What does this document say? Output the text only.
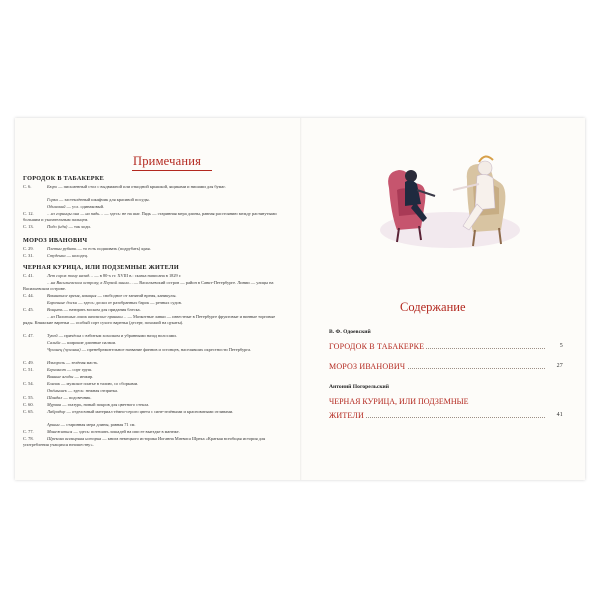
Примечания
ГОРОДОК В ТАБАКЕРКЕ
С. 6.	Бюро — письменный стол с выдвижной или откидной крышкой, ящиками и нишами для бумаг.
Горка — застеклённый шкафчик для красивой посуды.
Одинокий — усл. одинаковый.
С. 12.	…из горницы она — на пядь… — здесь: не на шаг. Пядь — старинная мера длины, равная расстоянию между растянутыми большим и указательным пальцем.
С. 13.	Подо (иди) — так ходи.
МОРОЗ ИВАНОВИЧ
С. 29.	Плетни рубить — то есть подшивать (подрубать) края.
С. 31.	Студенка — колодец.
ЧЕРНАЯ КУРИЦА, ИЛИ ПОДЗЕМНЫЕ ЖИТЕЛИ
С. 41.	Лет сорок тому назад… — в 80-х гг. XVIII в.: сказка написана в 1829 г.
…на Васильевском острову, в Первой линии… — Васильевский остров — район в Санкт-Петербурге. Линии — улицы на Васильевском острове.
С. 44.	Вакантное время, вакация — свободное от занятий время, каникулы.
Барочные доски — здесь: доски от разобранных барок — речных судов.
С. 45.	Вощить — натирать воском для придания блеска.
…из Пахотных лавок вяземские пряники… — Мазкотные лавки — известные в Петербурге фруктовые и винные торговые ряды. Княжские вареньи — особый сорт сухого варенья (десерт, похожий на цукаты).
С. 47.	Тупей — причёска с взбитым хохолком и убранными назад волосами.
Сальба — широкие длинные пальчи.
Чухонец (чухонка) — пренебрежительное название финнов и эстонцев, населявших окрестности Петербурга.
С. 49.	Изморозь — зелёная масть.
С. 51.	Бергамот — сорт груш.
Винные ягоды — инжир.
С. 54.	Бонзик — мужское платье в талию, со сборками.
Опёнышек — здесь: нежная отпрятка.
С. 55.	Шандал — подсвечник.
С. 60.	Мурава — глазурь, новый покров для цветного стекла.
С. 65.	Лабрадор — отделочный материал тёмно-серого цвета с сине-зелёными и красноватыми отливами.
Аршин — старинная мера длины, равная 71 см.
С. 77.	Манежиться — здесь: потешать лошадей на ипп ее выездке в манеже.
С. 78.	Шрекова всемирная история — книга немецкого историка Иоганна Матвиса Шрека «Краткая всеобщая история для употребления учащихся юношеству».
Содержание
В. Ф. Одоевский
ГОРОДОК В ТАБАКЕРКЕ	5
МОРОЗ ИВАНОВИЧ	27
Антоний Погорельский
ЧЕРНАЯ КУРИЦА, ИЛИ ПОДЗЕМНЫЕ
ЖИТЕЛИ	41
